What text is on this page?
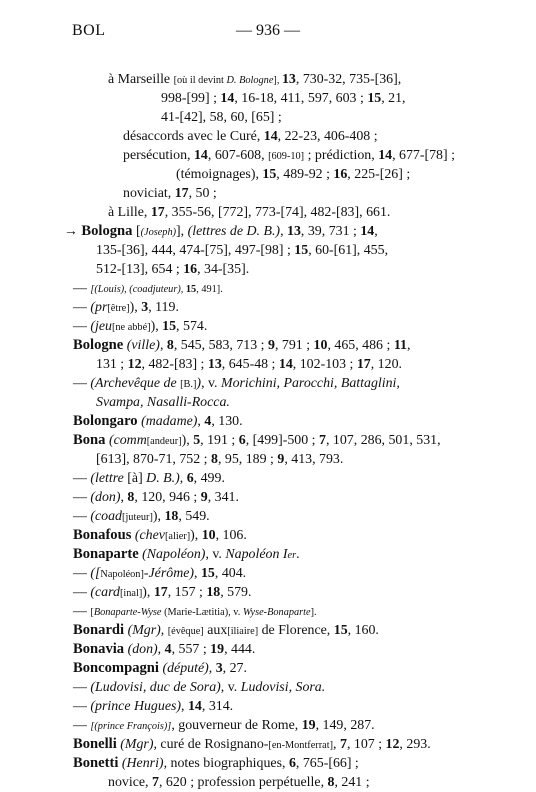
BOL	— 936 —
à Marseille [où il devint D. Bologne], 13, 730-32, 735-[36],
998-[99] ; 14, 16-18, 411, 597, 603 ; 15, 21,
41-[42], 58, 60, [65] ;
désaccords avec le Curé, 14, 22-23, 406-408 ;
persécution, 14, 607-608, [609-10] ; prédiction, 14, 677-[78] ;
(témoignages), 15, 489-92 ; 16, 225-[26] ;
noviciat, 17, 50 ;
à Lille, 17, 355-56, [772], 773-[74], 482-[83], 661.
→ Bologna [(Joseph)], (lettres de D. B.), 13, 39, 731 ; 14,
135-[36], 444, 474-[75], 497-[98] ; 15, 60-[61], 455,
512-[13], 654 ; 16, 34-[35].
— [(Louis), (coadjuteur), 15, 491].
— (pr[être]), 3, 119.
— (jeu[ne abbé]), 15, 574.
Bologne (ville), 8, 545, 583, 713 ; 9, 791 ; 10, 465, 486 ; 11,
131 ; 12, 482-[83] ; 13, 645-48 ; 14, 102-103 ; 17, 120.
— (Archevêque de [B.]), v. Morichini, Parocchi, Battaglini,
Svampa, Nasalli-Rocca.
Bolongaro (madame), 4, 130.
Bona (comm[andeur]), 5, 191 ; 6, [499]-500 ; 7, 107, 286, 501, 531,
[613], 870-71, 752 ; 8, 95, 189 ; 9, 413, 793.
— (lettre [à] D. B.), 6, 499.
— (don), 8, 120, 946 ; 9, 341.
— (coad[juteur]), 18, 549.
Bonafous (chev[alier]), 10, 106.
Bonaparte (Napoléon), v. Napoléon Ier.
— ([Napoléon]-Jérôme), 15, 404.
— (card[inal]), 17, 157 ; 18, 579.
— [Bonaparte-Wyse (Marie-Lætitia), v. Wyse-Bonaparte].
Bonardi (Mgr), [évêque] aux[iliaire] de Florence, 15, 160.
Bonavia (don), 4, 557 ; 19, 444.
Boncompagni (député), 3, 27.
— (Ludovisi, duc de Sora), v. Ludovisi, Sora.
— (prince Hugues), 14, 314.
— [(prince François)], gouverneur de Rome, 19, 149, 287.
Bonelli (Mgr), curé de Rosignano-[en-Montferrat], 7, 107 ; 12, 293.
Bonetti (Henri), notes biographiques, 6, 765-[66] ;
novice, 7, 620 ; profession perpétuelle, 8, 241 ;
